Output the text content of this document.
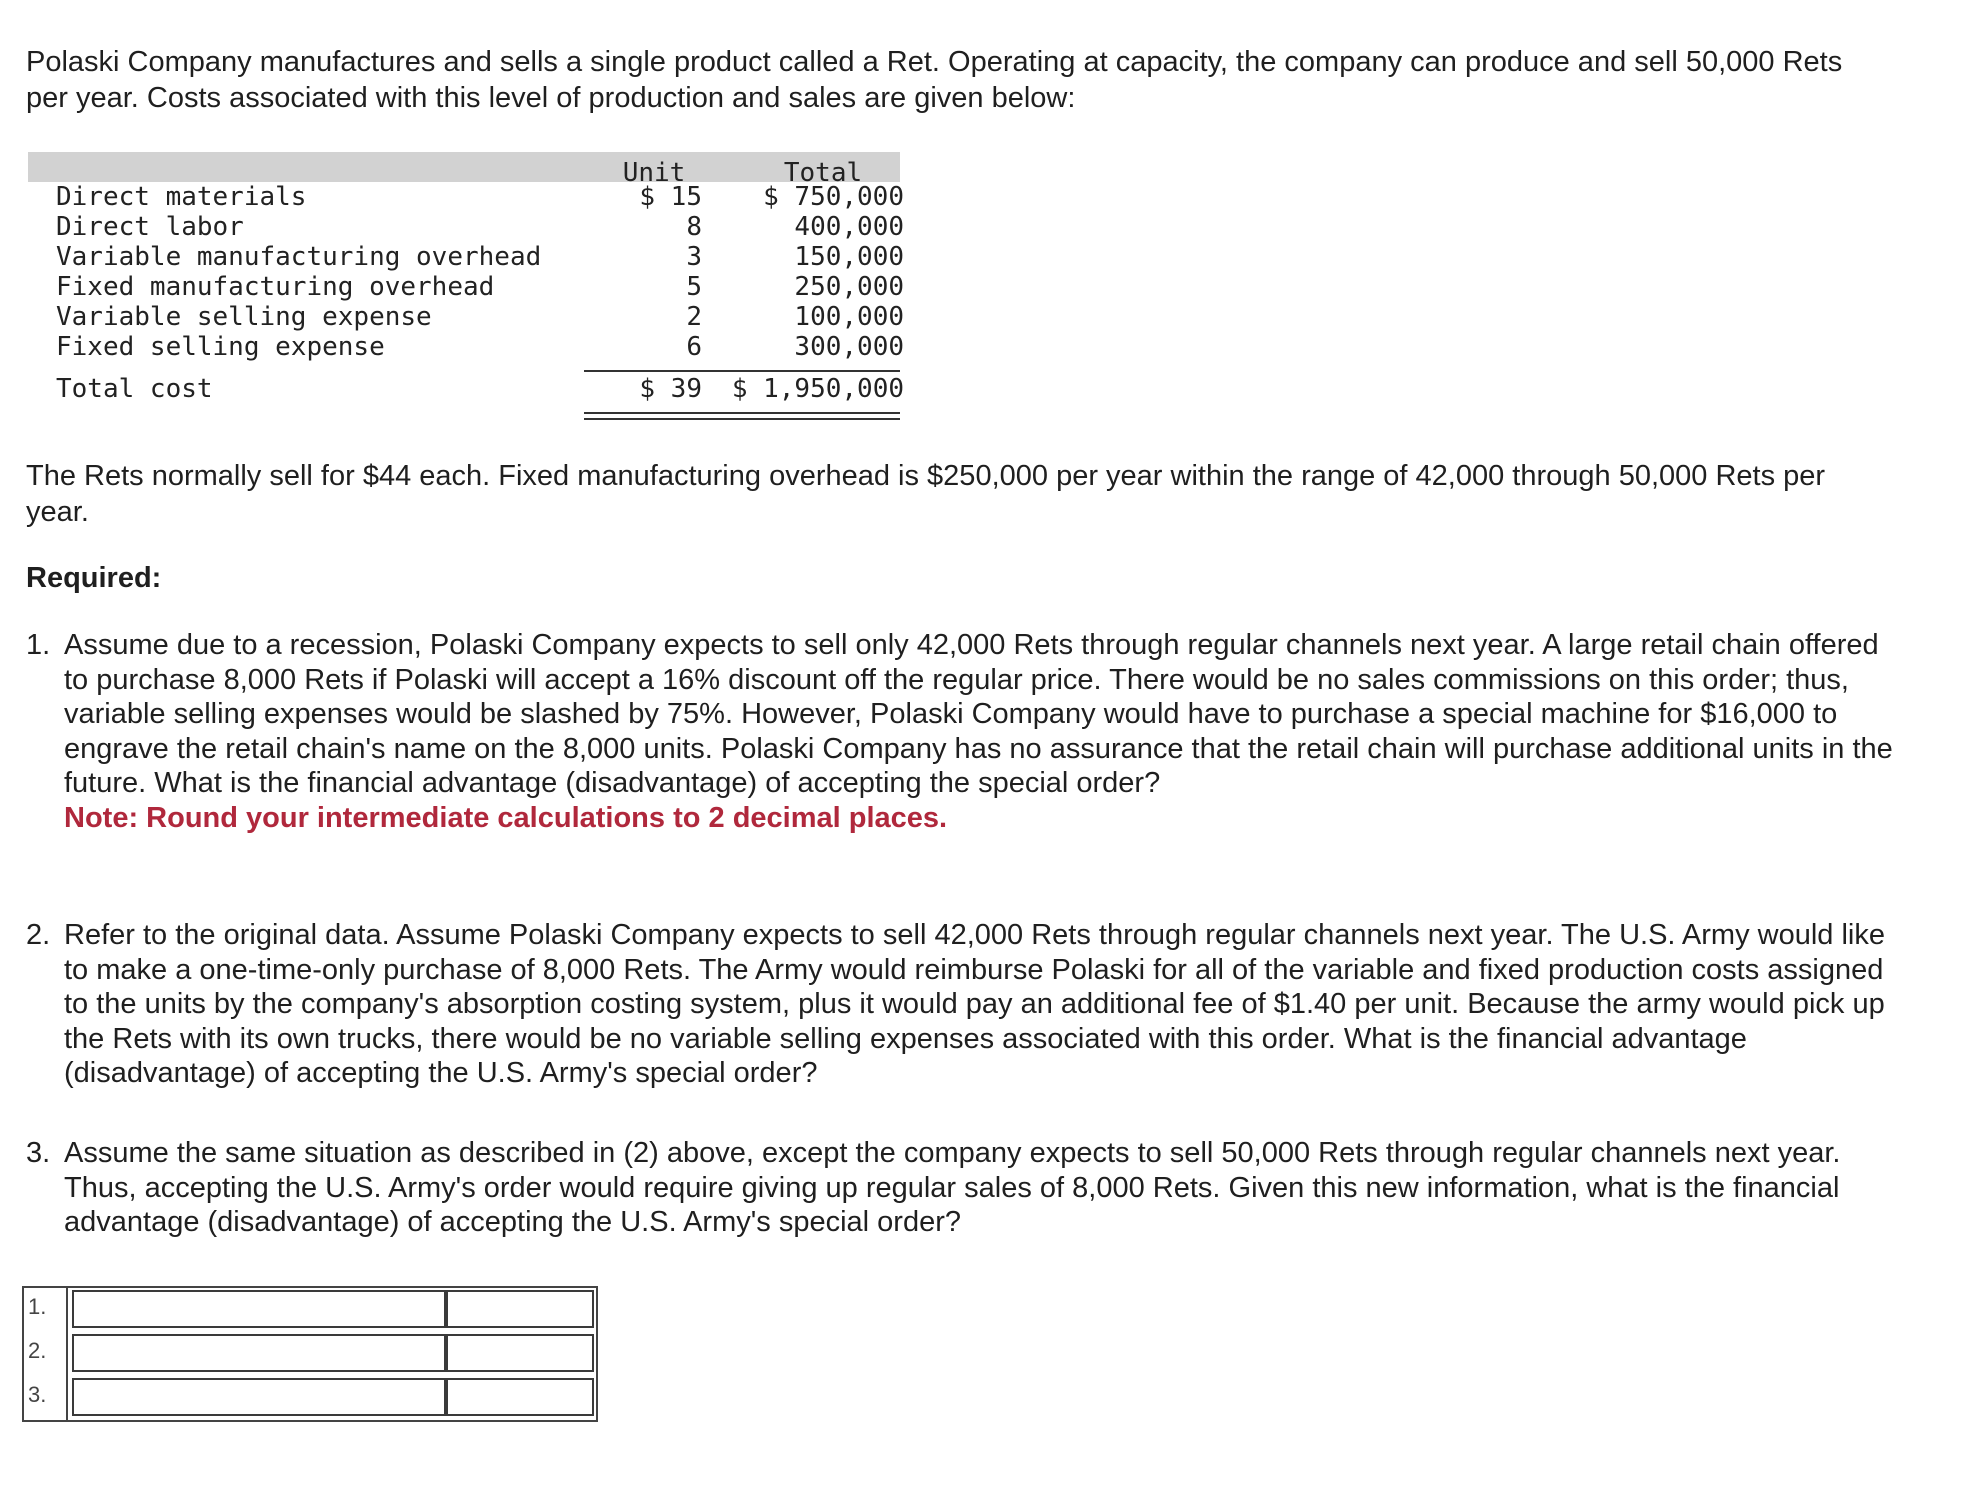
Polaski Company manufactures and sells a single product called a Ret. Operating at capacity, the company can produce and sell 50,000 Rets per year. Costs associated with this level of production and sales are given below:

Unit	Total
Direct materials	$ 15	$ 750,000
Direct labor	8	400,000
Variable manufacturing overhead	3	150,000
Fixed manufacturing overhead	5	250,000
Variable selling expense	2	100,000
Fixed selling expense	6	300,000
Total cost	$ 39 $ 1,950,000

The Rets normally sell for $44 each. Fixed manufacturing overhead is $250,000 per year within the range of 42,000 through 50,000 Rets per year.

Required:

1. Assume due to a recession, Polaski Company expects to sell only 42,000 Rets through regular channels next year. A large retail chain offered to purchase 8,000 Rets if Polaski will accept a 16% discount off the regular price. There would be no sales commissions on this order; thus, variable selling expenses would be slashed by 75%. However, Polaski Company would have to purchase a special machine for $16,000 to engrave the retail chain's name on the 8,000 units. Polaski Company has no assurance that the retail chain will purchase additional units in the future. What is the financial advantage (disadvantage) of accepting the special order?
Note: Round your intermediate calculations to 2 decimal places.
2. Refer to the original data. Assume Polaski Company expects to sell 42,000 Rets through regular channels next year. The U.S. Army would like to make a one-time-only purchase of 8,000 Rets. The Army would reimburse Polaski for all of the variable and fixed production costs assigned to the units by the company's absorption costing system, plus it would pay an additional fee of $1.40 per unit. Because the army would pick up the Rets with its own trucks, there would be no variable selling expenses associated with this order. What is the financial advantage (disadvantage) of accepting the U.S. Army's special order?
3. Assume the same situation as described in (2) above, except the company expects to sell 50,000 Rets through regular channels next year. Thus, accepting the U.S. Army's order would require giving up regular sales of 8,000 Rets. Given this new information, what is the financial advantage (disadvantage) of accepting the U.S. Army's special order?
1.
2.
3.
